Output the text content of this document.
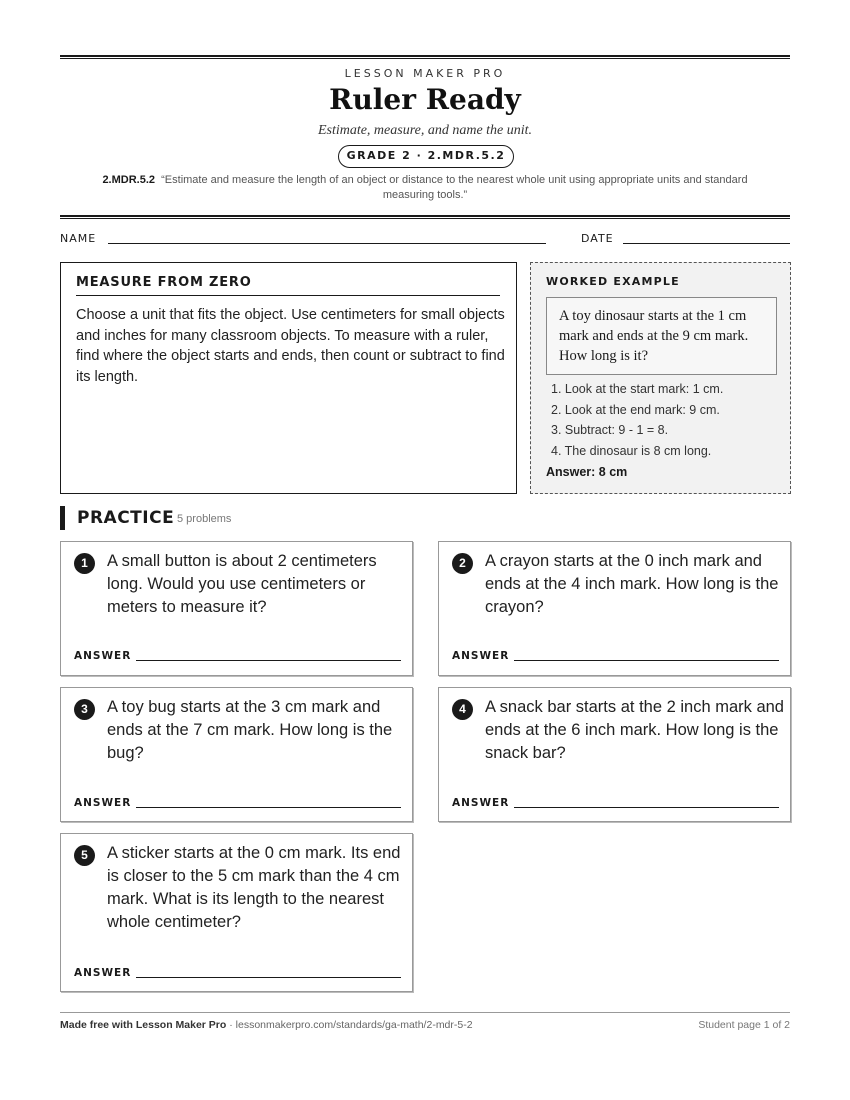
LESSON MAKER PRO
Ruler Ready
Estimate, measure, and name the unit.
GRADE 2 · 2.MDR.5.2
2.MDR.5.2 “Estimate and measure the length of an object or distance to the nearest whole unit using appropriate units and standard measuring tools.”
NAME	DATE
MEASURE FROM ZERO

Choose a unit that fits the object. Use centimeters for small objects and inches for many classroom objects. To measure with a ruler, find where the object starts and ends, then count or subtract to find its length.

WORKED EXAMPLE
A toy dinosaur starts at the 1 cm mark and ends at the 9 cm mark. How long is it?
1. Look at the start mark: 1 cm.
2. Look at the end mark: 9 cm.
3. Subtract: 9 - 1 = 8.
4. The dinosaur is 8 cm long.
Answer: 8 cm
PRACTICE 5 problems
1	A small button is about 2 centimeters long. Would you use centimeters or meters to measure it?

ANSWER
2	A crayon starts at the 0 inch mark and ends at the 4 inch mark. How long is the crayon?

ANSWER
3	A toy bug starts at the 3 cm mark and ends at the 7 cm mark. How long is the bug?

ANSWER
4	A snack bar starts at the 2 inch mark and ends at the 6 inch mark. How long is the snack bar?

ANSWER
5	A sticker starts at the 0 cm mark. Its end is closer to the 5 cm mark than the 4 cm mark. What is its length to the nearest whole centimeter?

ANSWER
Made free with Lesson Maker Pro · lessonmakerpro.com/standards/ga-math/2-mdr-5-2	Student page 1 of 2
